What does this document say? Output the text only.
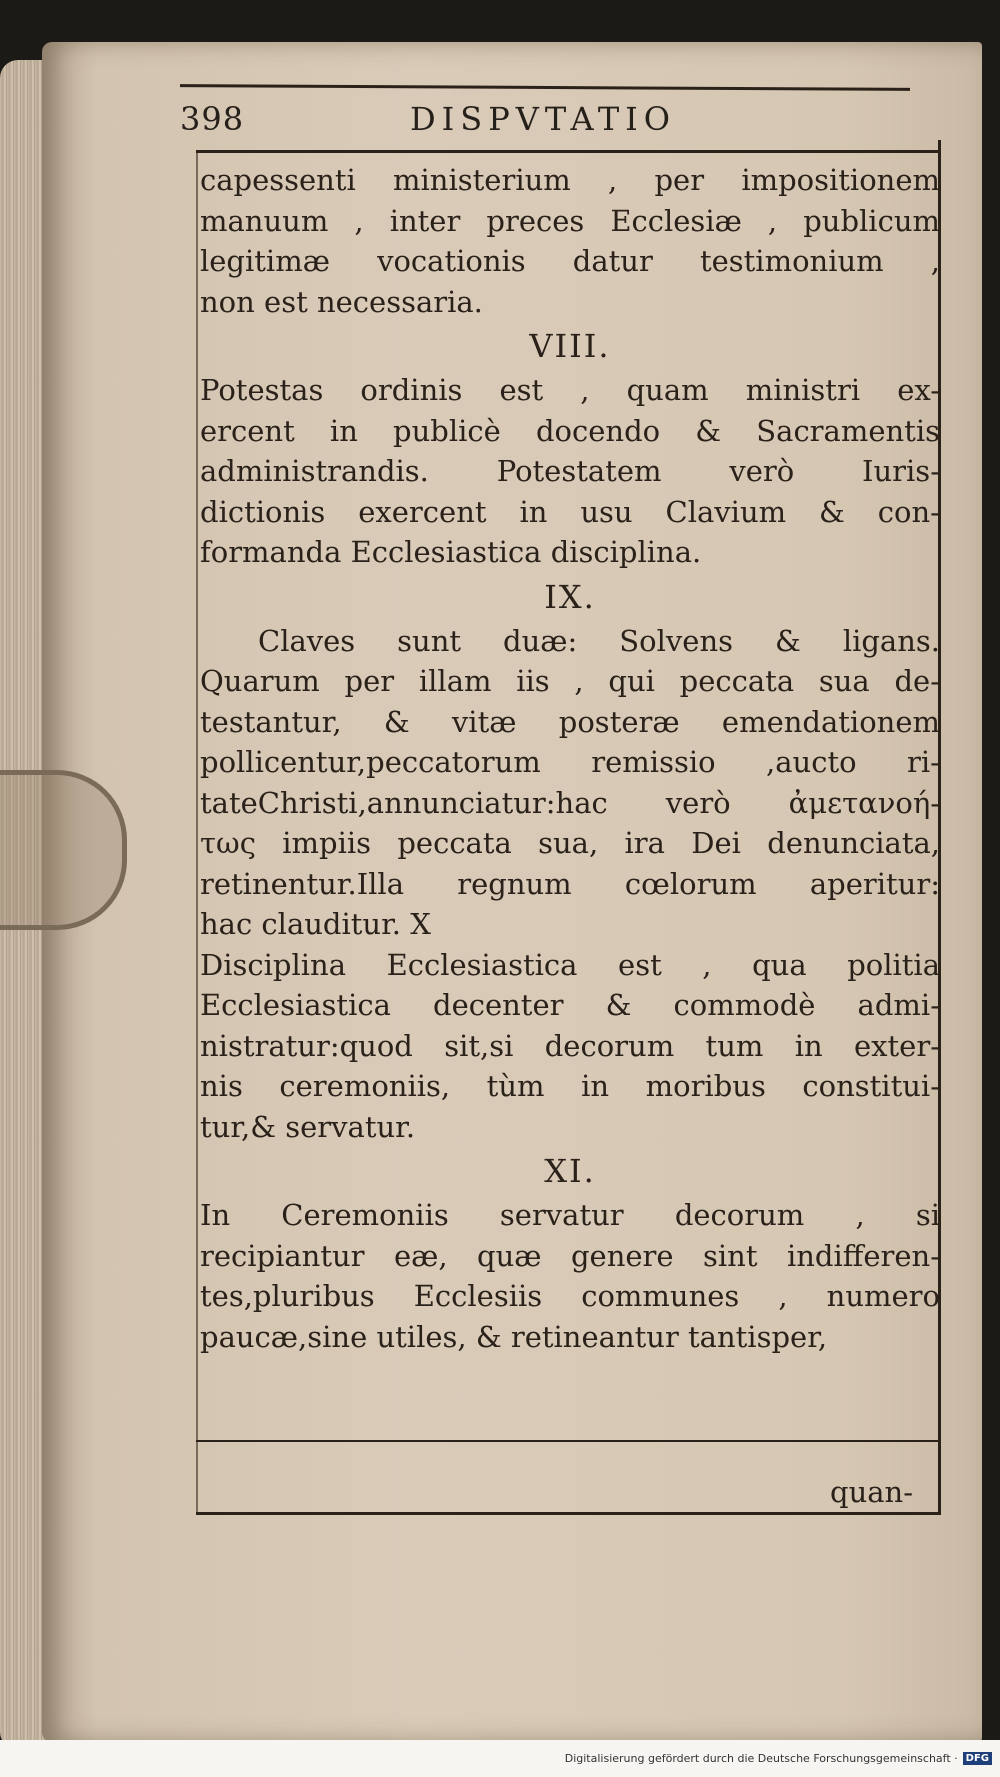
398	DISPVTATIO
capessenti ministerium , per impositionem
manuum , inter preces Ecclesiæ , publicum
legitimæ vocationis datur testimonium ,
non est necessaria.
VIII.
Potestas ordinis est , quam ministri ex-
ercent in publicè docendo & Sacramentis
administrandis. Potestatem verò Iuris-
dictionis exercent in usu Clavium & con-
formanda Ecclesiastica disciplina.
IX.
Claves sunt duæ: Solvens & ligans.
Quarum per illam iis , qui peccata sua de-
testantur, & vitæ posteræ emendationem
pollicentur,peccatorum remissio ,aucto ri-
tateChristi,annunciatur:hac verò ἀμετανοή-
τως impiis peccata sua, ira Dei denunciata,
retinentur.Illa regnum cœlorum aperitur:
hac clauditur. X
Disciplina Ecclesiastica est , qua politia
Ecclesiastica decenter & commodè admi-
nistratur:quod sit,si decorum tum in exter-
nis ceremoniis, tùm in moribus constitui-
tur,& servatur.
XI.
In Ceremoniis servatur decorum , si
recipiantur eæ, quæ genere sint indifferen-
tes,pluribus Ecclesiis communes , numero
paucæ,sine utiles, & retineantur tantisper,
quan-
Digitalisierung gefördert durch die Deutsche Forschungsgemeinschaft · DFG
